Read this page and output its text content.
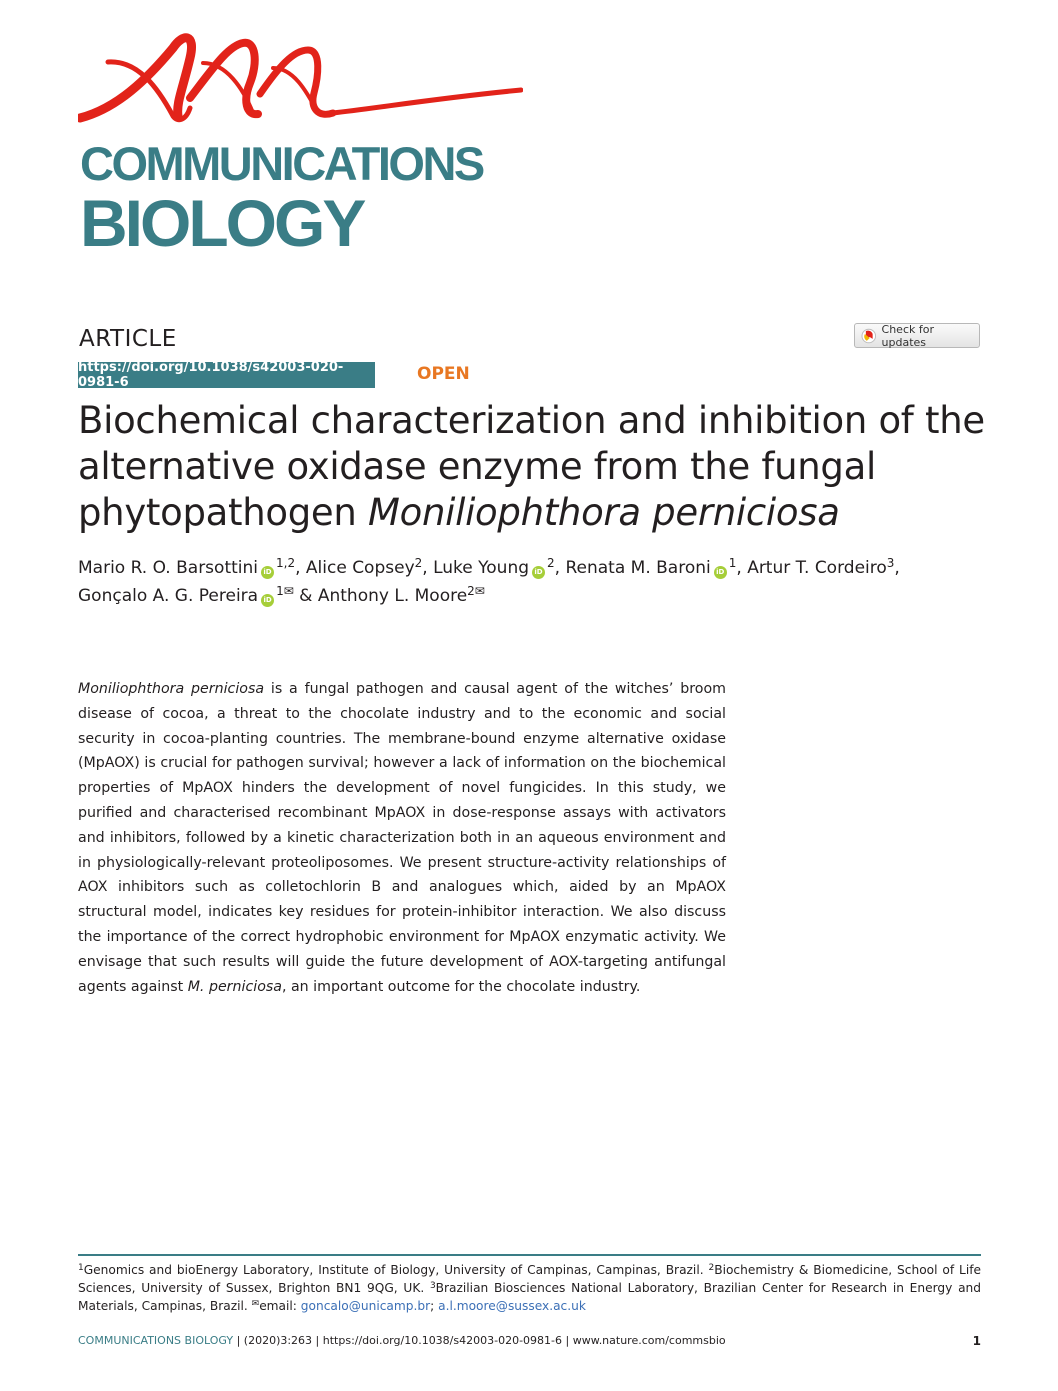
COMMUNICATIONS
BIOLOGY
ARTICLE	Check for updates
https://doi.org/10.1038/s42003-020-0981-6	OPEN
Biochemical characterization and inhibition of the alternative oxidase enzyme from the fungal phytopathogen Moniliophthora perniciosa
Mario R. O. Barsottini iD$^{1,2}$, Alice Copsey$^2$, Luke Young $iD^2$, Renata M. Baroni $iD^1$, Artur T. Cordeiro$^3$,
Gonçalo A. G. Pereira $iD^{1✉}$ & Anthony L. Moore$^{2✉}$

Moniliophthora perniciosa is a fungal pathogen and causal agent of the witches’ broom disease of cocoa, a threat to the chocolate industry and to the economic and social security in cocoa-planting countries. The membrane-bound enzyme alternative oxidase (MpAOX) is crucial for pathogen survival; however a lack of information on the biochemical properties of MpAOX hinders the development of novel fungicides. In this study, we purified and characterised recombinant MpAOX in dose-response assays with activators and inhibitors, followed by a kinetic characterization both in an aqueous environment and in physiologically-relevant proteoliposomes. We present structure-activity relationships of AOX inhibitors such as colletochlorin B and analogues which, aided by an MpAOX structural model, indicates key residues for protein-inhibitor interaction. We also discuss the importance of the correct hydrophobic environment for MpAOX enzymatic activity. We envisage that such results will guide the future development of AOX-targeting antifungal agents against M. perniciosa, an important outcome for the chocolate industry.

$^1$Genomics and bioEnergy Laboratory, Institute of Biology, University of Campinas, Campinas, Brazil. $^2$Biochemistry & Biomedicine, School of Life Sciences, University of Sussex, Brighton BN1 9QG, UK. $^3$Brazilian Biosciences National Laboratory, Brazilian Center for Research in Energy and Materials, Campinas, Brazil. ✉email: goncalo@unicamp.br; a.l.moore@sussex.ac.uk

COMMUNICATIONS BIOLOGY | (2020)3:263 | https://doi.org/10.1038/s42003-020-0981-6 | www.nature.com/commsbio	1
